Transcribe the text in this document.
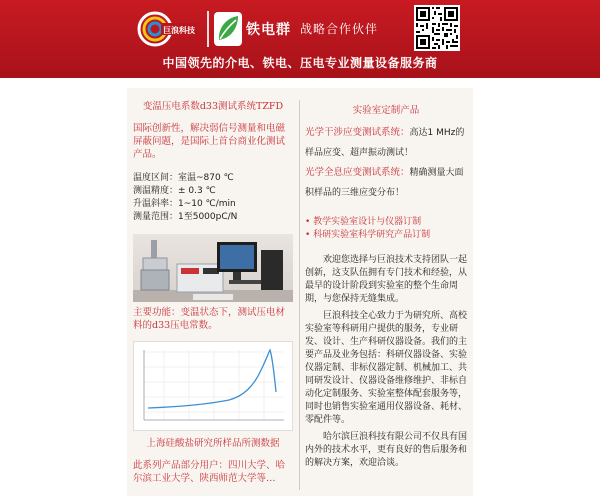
巨浪科技	铁电群 战略合作伙伴
中国领先的介电、铁电、压电专业测量设备服务商
变温压电系数d33测试系统TZFD
国际创新性，解决弱信号测量和电磁屏蔽问题，是国际上首台商业化测试产品。
温度区间：室温~870 ℃
测温精度：± 0.3 ℃
升温斜率：1~10 ℃/min
测量范围：1至5000pC/N
主要功能：变温状态下，测试压电材料的d33压电常数。
上海硅酸盐研究所样品所测数据
此系列产品部分用户：四川大学、哈尔滨工业大学、陕西师范大学等…
实验室定制产品
光学干涉应变测试系统：高达1 MHz的样品应变、超声振动测试！
光学全息应变测试系统：精确测量大面积样品的三维应变分布！
• 教学实验室设计与仪器订制
• 科研实验室科学研究产品订制
欢迎您选择与巨浪技术支持团队一起创新，这支队伍拥有专门技术和经验，从最早的设计阶段到实验室的整个生命周期，与您保持无缝集成。
巨浪科技全心致力于为研究所、高校实验室等科研用户提供的服务，专业研发、设计、生产科研仪器设备。我们的主要产品及业务包括：科研仪器设备、实验仪器定制、非标仪器定制、机械加工、共同研发设计、仪器设备维修维护、非标自动化定制服务、实验室整体配套服务等，同时也销售实验室通用仪器设备、耗材、零配件等。
哈尔滨巨浪科技有限公司不仅具有国内外的技术水平，更有良好的售后服务和的解决方案，欢迎洽谈。
